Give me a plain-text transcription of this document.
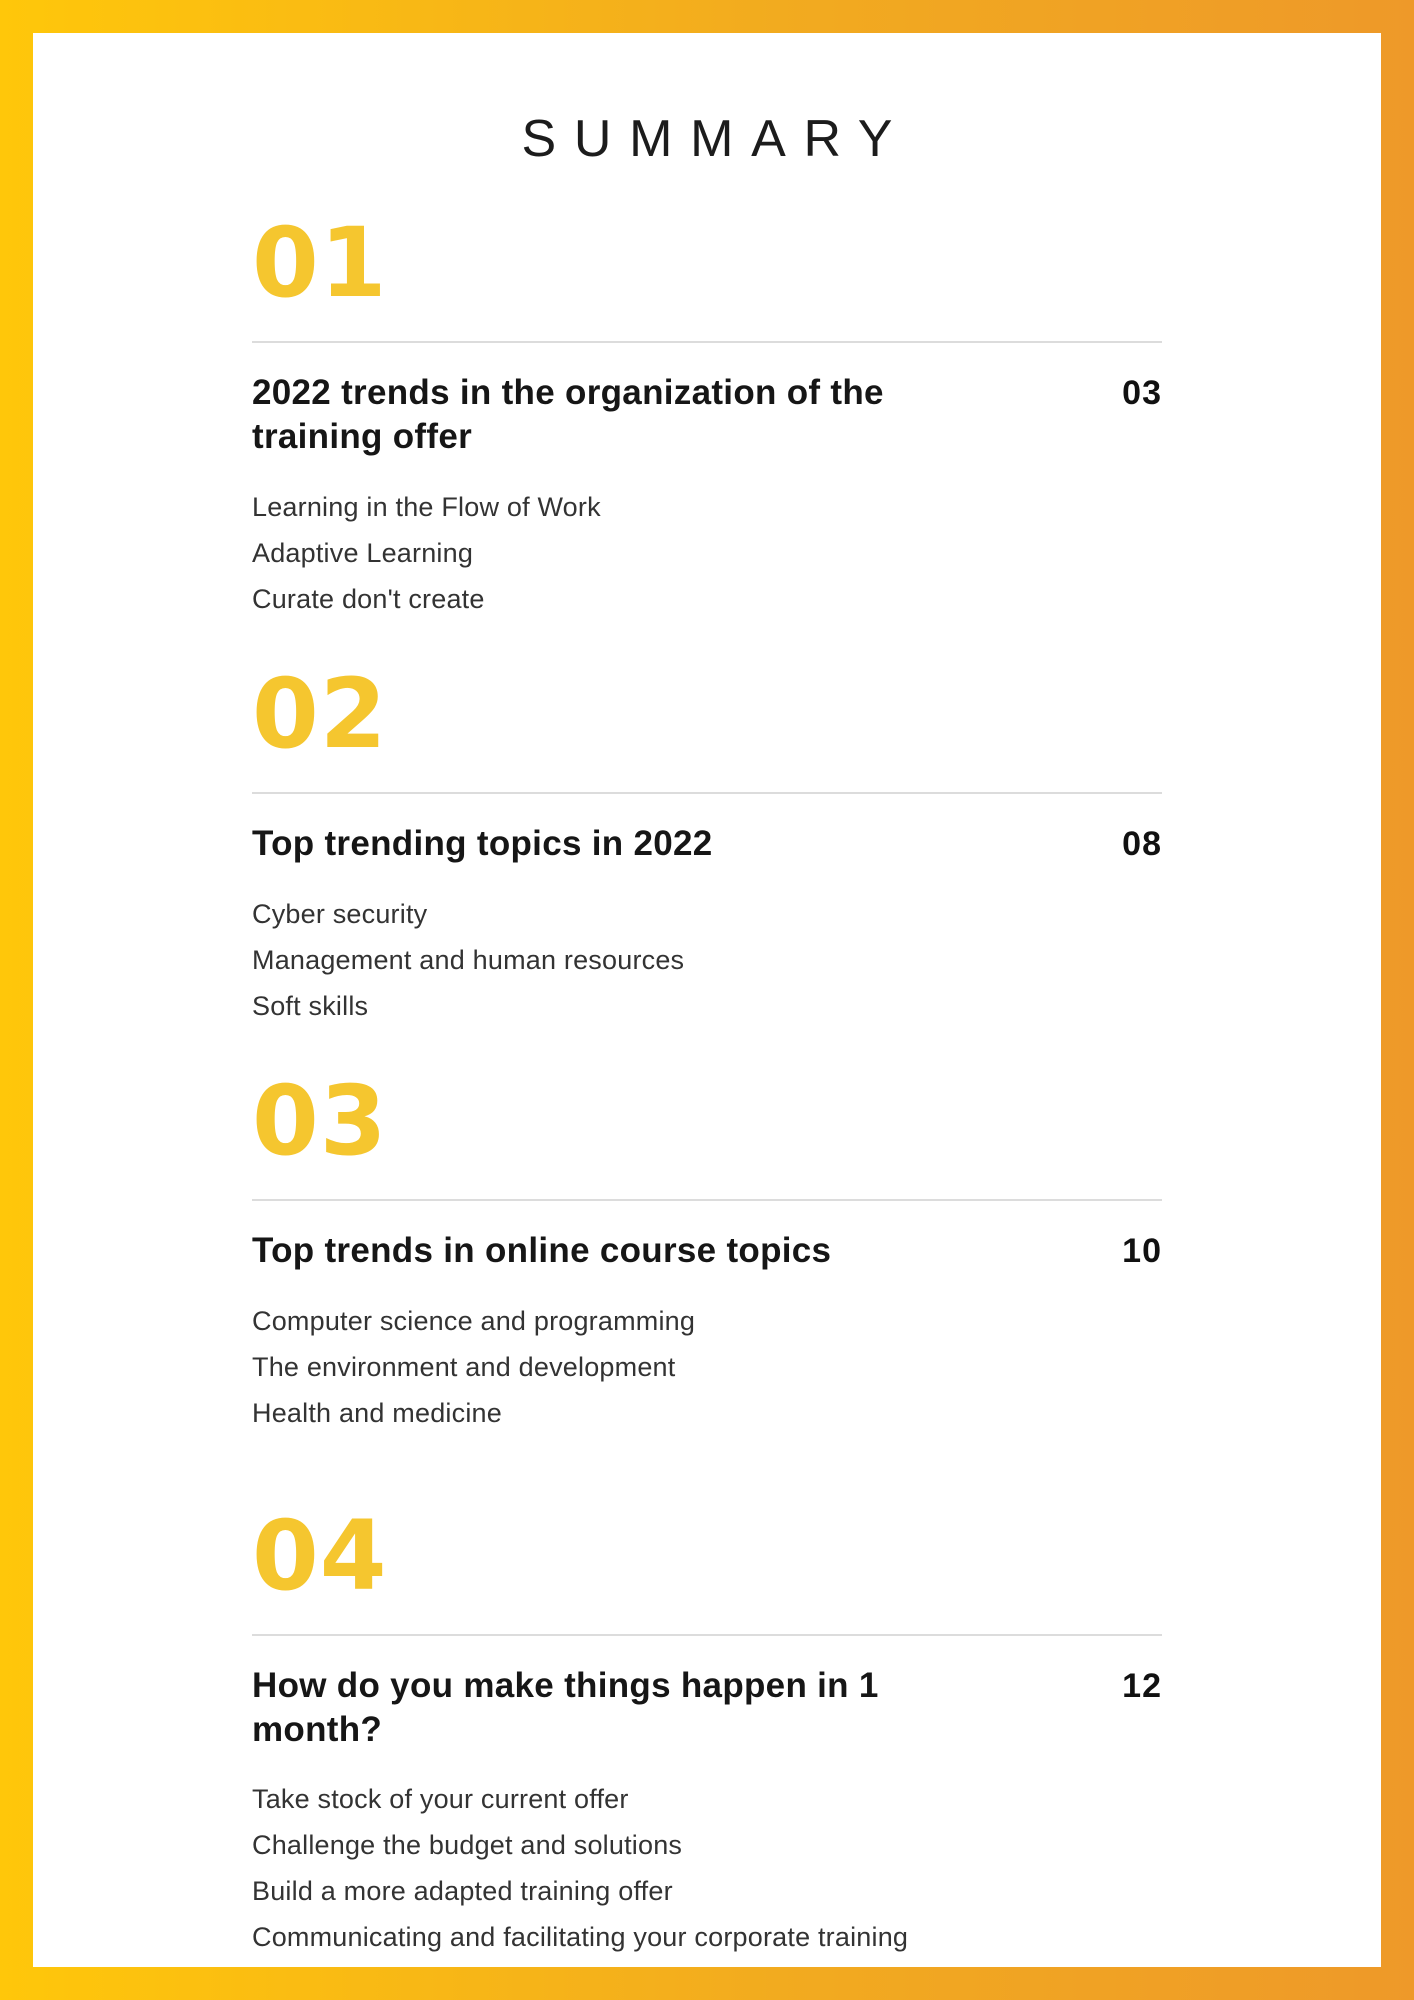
SUMMARY
01
2022 trends in the organization of the training offer
03
Learning in the Flow of Work
Adaptive Learning
Curate don't create
02
Top trending topics in 2022	08
Cyber security
Management and human resources
Soft skills
03
Top trends in online course topics	10
Computer science and programming
The environment and development
Health and medicine
04
How do you make things happen in 1 month?
12
Take stock of your current offer
Challenge the budget and solutions
Build a more adapted training offer
Communicating and facilitating your corporate training
